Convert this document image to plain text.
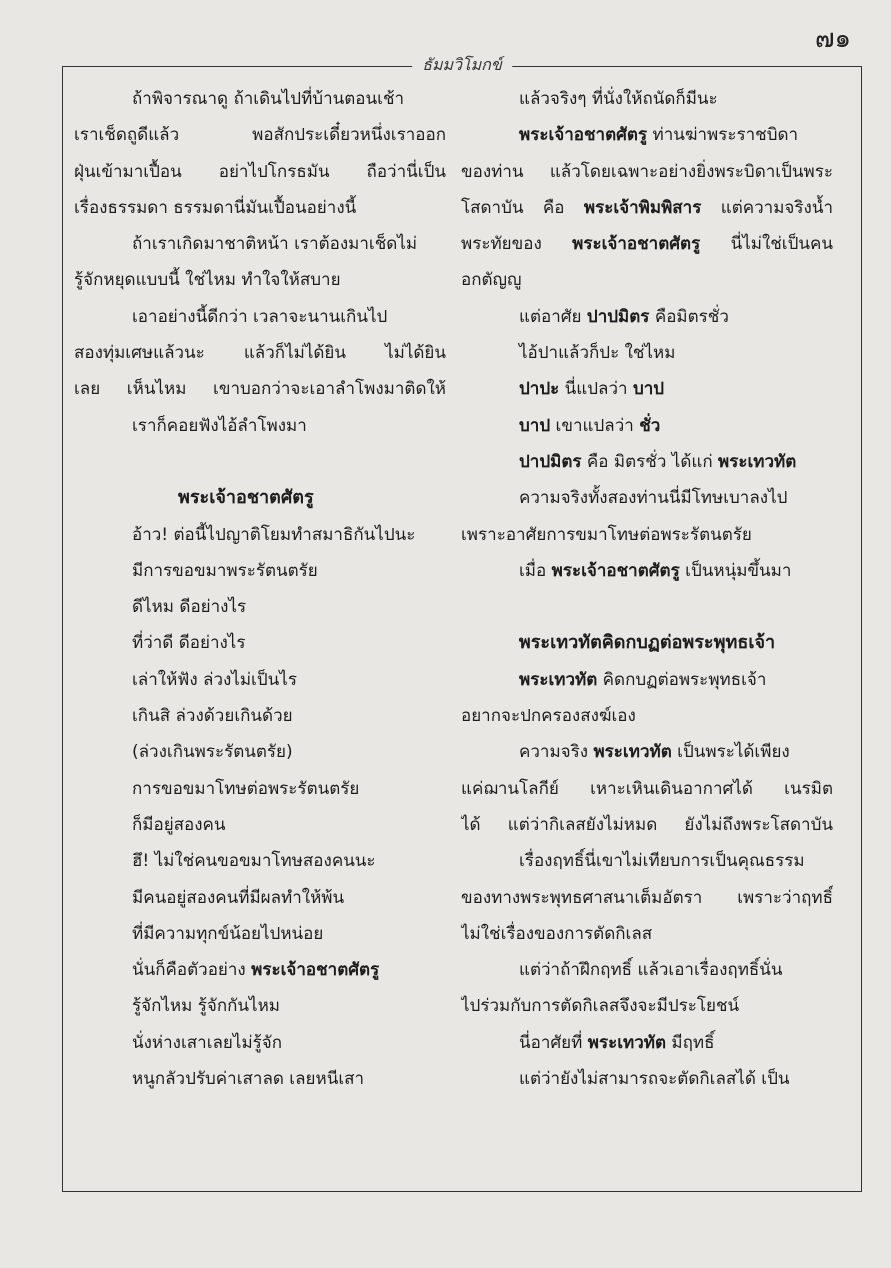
๗๑
ธัมมวิโมกข์
ถ้าพิจารณาดู ถ้าเดินไปที่บ้านตอนเช้า
เราเช็ดถูดีแล้ว พอสักประเดี๋ยวหนึ่งเราออก
ฝุ่นเข้ามาเปื้อน อย่าไปโกรธมัน ถือว่านี่เป็น
เรื่องธรรมดา ธรรมดานี่มันเปื้อนอย่างนี้
ถ้าเราเกิดมาชาติหน้า เราต้องมาเช็ดไม่
รู้จักหยุดแบบนี้ ใช่ไหม ทำใจให้สบาย
เอาอย่างนี้ดีกว่า เวลาจะนานเกินไป
สองทุ่มเศษแล้วนะ แล้วก็ไม่ได้ยิน ไม่ได้ยิน
เลย เห็นไหม เขาบอกว่าจะเอาลำโพงมาติดให้
เราก็คอยฟังไอ้ลำโพงมา
พระเจ้าอชาตศัตรู
อ้าว! ต่อนี้ไปญาติโยมทำสมาธิกันไปนะ
มีการขอขมาพระรัตนตรัย
ดีไหม ดีอย่างไร
ที่ว่าดี ดีอย่างไร
เล่าให้ฟัง ล่วงไม่เป็นไร
เกินสิ ล่วงด้วยเกินด้วย
(ล่วงเกินพระรัตนตรัย)
การขอขมาโทษต่อพระรัตนตรัย
ก็มีอยู่สองคน
ฮึ! ไม่ใช่คนขอขมาโทษสองคนนะ
มีคนอยู่สองคนที่มีผลทำให้พ้น
ที่มีความทุกข์น้อยไปหน่อย
นั่นก็คือตัวอย่าง พระเจ้าอชาตศัตรู
รู้จักไหม รู้จักกันไหม
นั่งห่างเสาเลยไม่รู้จัก
หนูกลัวปรับค่าเสาลด เลยหนีเสา
แล้วจริงๆ ที่นั่งให้ถนัดก็มีนะ
พระเจ้าอชาตศัตรู ท่านฆ่าพระราชบิดา
ของท่าน แล้วโดยเฉพาะอย่างยิ่งพระบิดาเป็นพระ
โสดาบัน คือ พระเจ้าพิมพิสาร แต่ความจริงน้ำ
พระทัยของ พระเจ้าอชาตศัตรู นี่ไม่ใช่เป็นคน
อกตัญญู
แต่อาศัย ปาปมิตร คือมิตรชั่ว
ไอ้ปาแล้วก็ปะ ใช่ไหม
ปาปะ นี่แปลว่า บาป
บาป เขาแปลว่า ชั่ว
ปาปมิตร คือ มิตรชั่ว ได้แก่ พระเทวทัต
ความจริงทั้งสองท่านนี่มีโทษเบาลงไป
เพราะอาศัยการขมาโทษต่อพระรัตนตรัย
เมื่อ พระเจ้าอชาตศัตรู เป็นหนุ่มขึ้นมา
พระเทวทัตคิดกบฏต่อพระพุทธเจ้า
พระเทวทัต คิดกบฏต่อพระพุทธเจ้า
อยากจะปกครองสงฆ์เอง
ความจริง พระเทวทัต เป็นพระได้เพียง
แค่ฌานโลกีย์ เหาะเหินเดินอากาศได้ เนรมิต
ได้ แต่ว่ากิเลสยังไม่หมด ยังไม่ถึงพระโสดาบัน
เรื่องฤทธิ์นี่เขาไม่เทียบการเป็นคุณธรรม
ของทางพระพุทธศาสนาเต็มอัตรา เพราะว่าฤทธิ์
ไม่ใช่เรื่องของการตัดกิเลส
แต่ว่าถ้าฝึกฤทธิ์ แล้วเอาเรื่องฤทธิ์นั่น
ไปร่วมกับการตัดกิเลสจึงจะมีประโยชน์
นี่อาศัยที่ พระเทวทัต มีฤทธิ์
แต่ว่ายังไม่สามารถจะตัดกิเลสได้ เป็น
